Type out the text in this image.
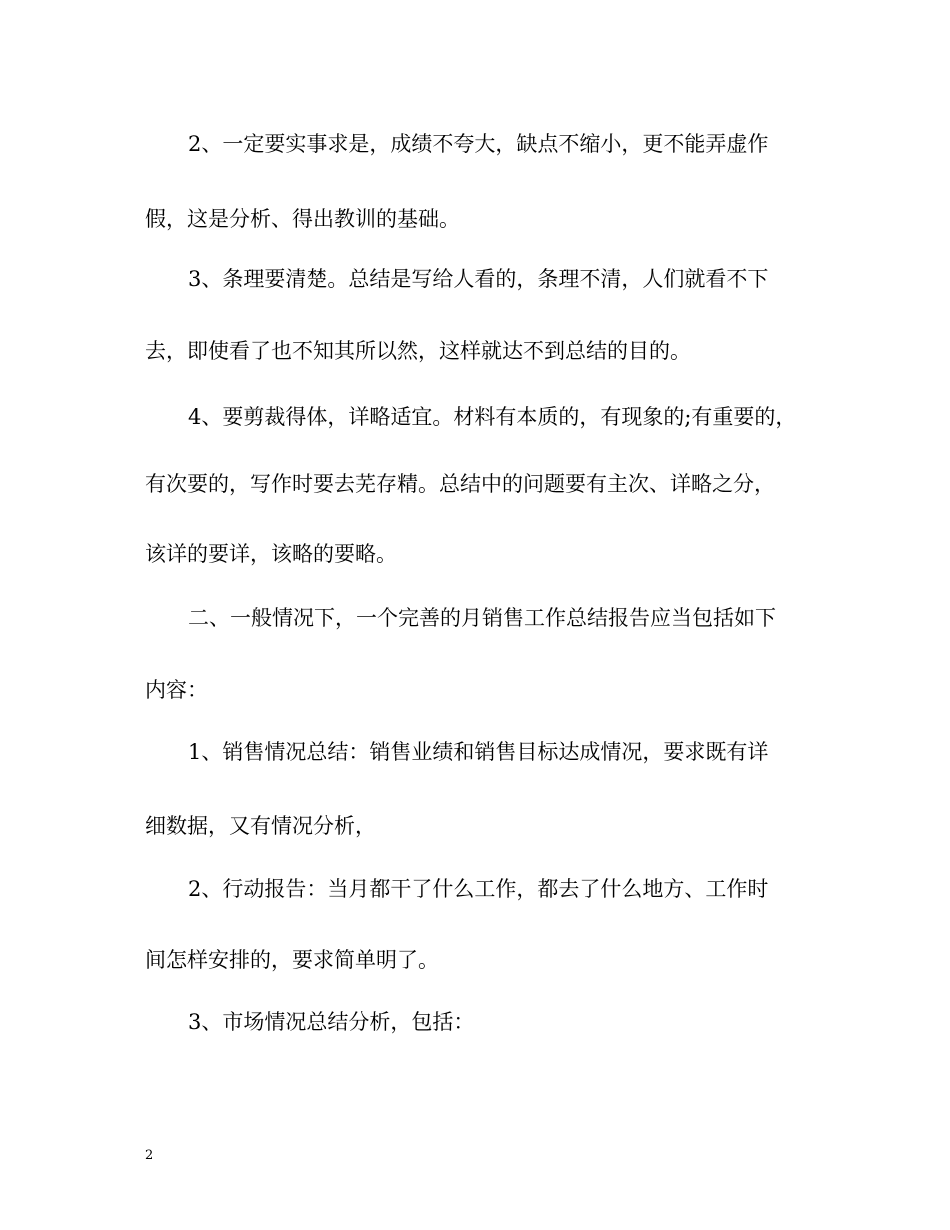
2、一定要实事求是，成绩不夸大，缺点不缩小，更不能弄虚作
假，这是分析、得出教训的基础。
3、条理要清楚。总结是写给人看的，条理不清，人们就看不下
去，即使看了也不知其所以然，这样就达不到总结的目的。
4、要剪裁得体，详略适宜。材料有本质的，有现象的;有重要的，
有次要的，写作时要去芜存精。总结中的问题要有主次、详略之分，
该详的要详，该略的要略。
二、一般情况下，一个完善的月销售工作总结报告应当包括如下
内容：
1、销售情况总结：销售业绩和销售目标达成情况，要求既有详
细数据，又有情况分析，
2、行动报告：当月都干了什么工作，都去了什么地方、工作时
间怎样安排的，要求简单明了。
3、市场情况总结分析，包括：
2
